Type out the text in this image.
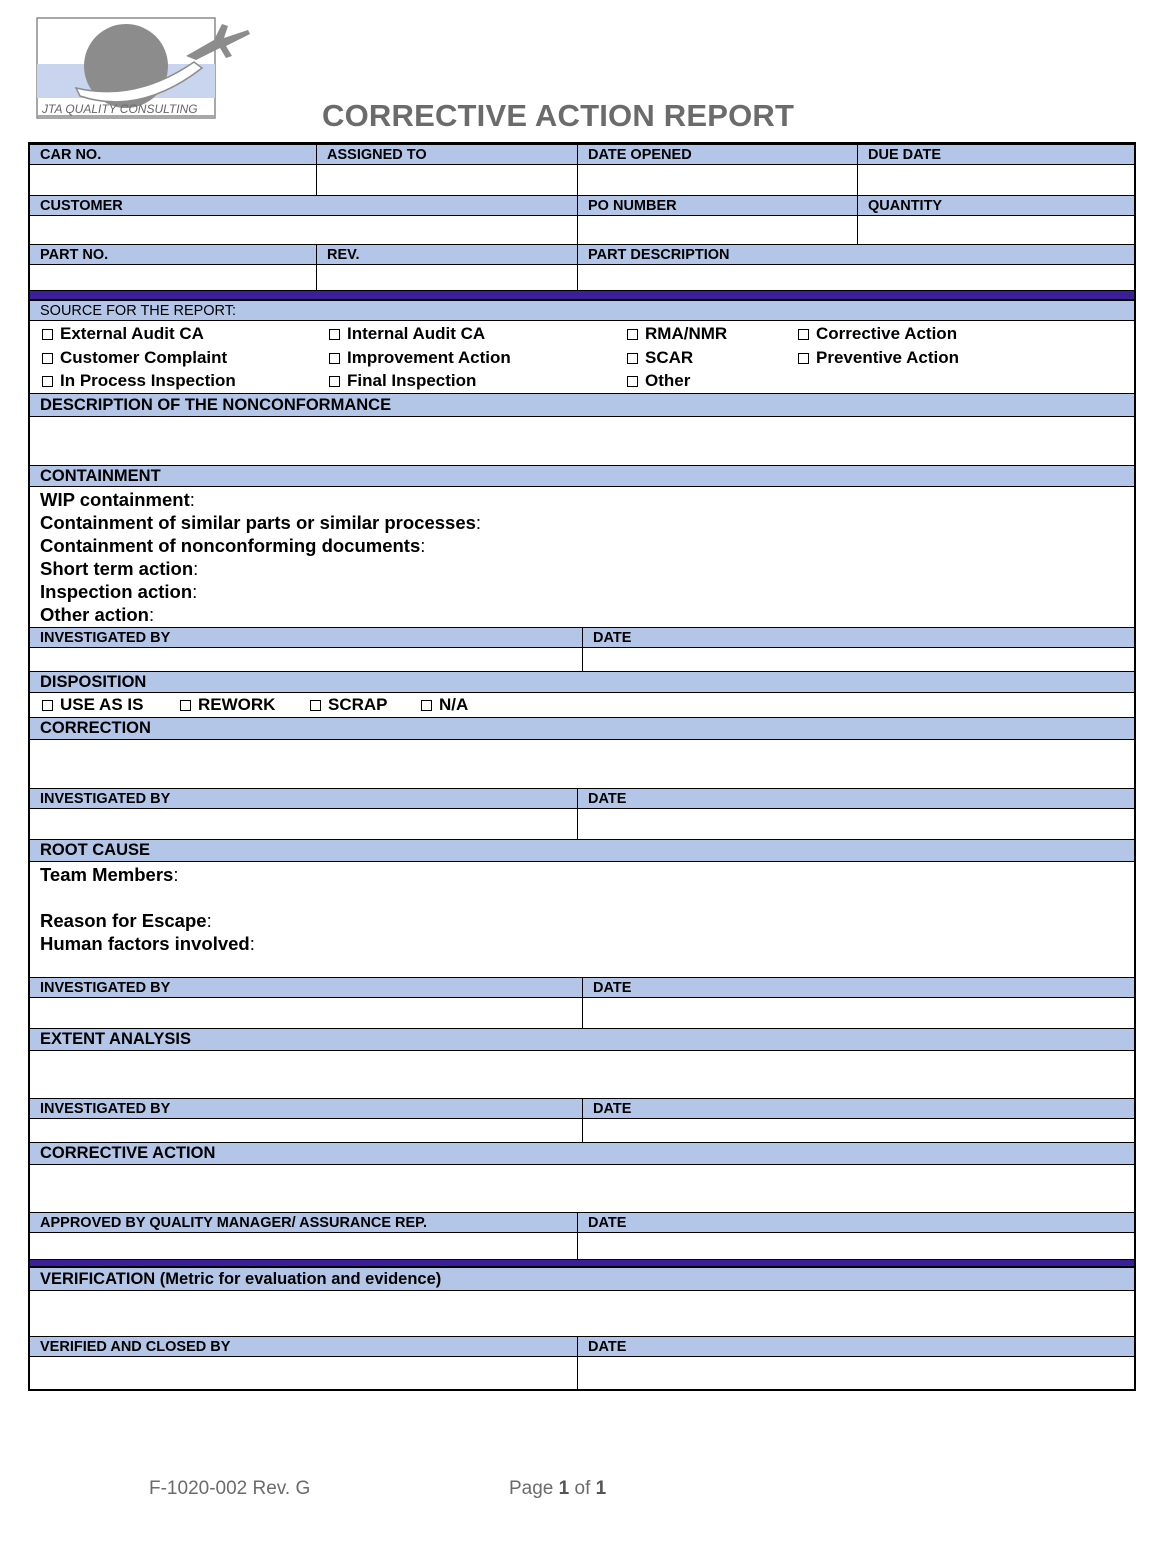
JTA QUALITY CONSULTING	CORRECTIVE ACTION REPORT
CAR NO.	ASSIGNED TO	DATE OPENED	DUE DATE
CUSTOMER	PO NUMBER	QUANTITY
PART NO.	REV.	PART DESCRIPTION
SOURCE FOR THE REPORT:
External Audit CA	Internal Audit CA	RMA/NMR	Corrective Action
Customer Complaint	Improvement Action	SCAR	Preventive Action
In Process Inspection	Final Inspection	Other
DESCRIPTION OF THE NONCONFORMANCE
CONTAINMENT
WIP containment:
Containment of similar parts or similar processes:
Containment of nonconforming documents:
Short term action:
Inspection action:
Other action:
INVESTIGATED BY	DATE
DISPOSITION
USE AS IS	REWORK	SCRAP	N/A
CORRECTION
INVESTIGATED BY	DATE
ROOT CAUSE
Team Members:
Reason for Escape:
Human factors involved:
INVESTIGATED BY	DATE
EXTENT ANALYSIS
INVESTIGATED BY	DATE
CORRECTIVE ACTION
APPROVED BY QUALITY MANAGER/ ASSURANCE REP.	DATE
VERIFICATION (Metric for evaluation and evidence)
VERIFIED AND CLOSED BY	DATE
F-1020-002 Rev. G	Page 1 of 1
